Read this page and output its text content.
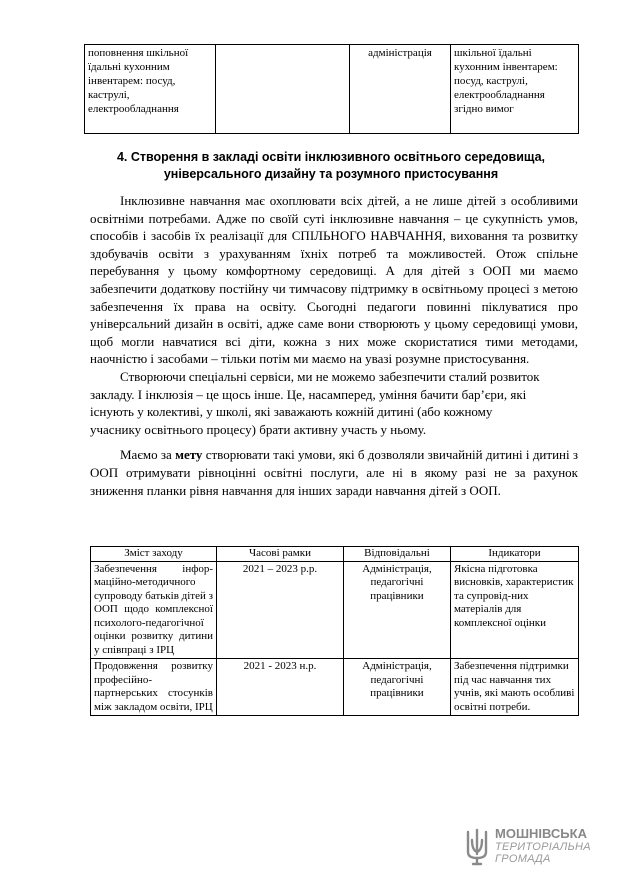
поповнення шкільної їдальні кухонним інвентарем: посуд, каструлі, електрообладнання		адміністрація	шкільної їдальні кухонним інвентарем: посуд, каструлі, електрообладнання згідно вимог
4. Створення в закладі освіти інклюзивного освітнього середовища, універсального дизайну та розумного пристосування

Інклюзивне навчання має охоплювати всіх дітей, а не лише дітей з особливими освітніми потребами. Адже по своїй суті інклюзивне навчання – це сукупність умов, способів і засобів їх реалізації для СПІЛЬНОГО НАВЧАННЯ, виховання та розвитку здобувачів освіти з урахуванням їхніх потреб та можливостей. Отож спільне перебування у цьому комфортному середовищі. А для дітей з ООП ми маємо забезпечити додаткову постійну чи тимчасову підтримку в освітньому процесі з метою забезпечення їх права на освіту. Сьогодні педагоги повинні піклуватися про універсальний дизайн в освіті, адже саме вони створюють у цьому середовищі умови, щоб могли навчатися всі діти, кожна з них може скористатися тими методами, наочністю і засобами – тільки потім ми маємо на увазі розумне пристосування.

Створюючи спеціальні сервіси, ми не можемо забезпечити сталий розвиток закладу. І інклюзія – це щось інше. Це, насамперед, уміння бачити бар’єри, які існують у колективі, у школі, які заважають кожній дитині (або кожному учаснику освітнього процесу) брати активну участь у ньому.

Маємо за мету створювати такі умови, які б дозволяли звичайній дитині і дитині з ООП отримувати рівноцінні освітні послуги, але ні в якому разі не за рахунок зниження планки рівня навчання для інших заради навчання дітей з ООП.

Зміст заходу	Часові рамки	Відповідальні	Індикатори
Забезпечення інфор-маційно-методичного супроводу батьків дітей з ООП щодо комплексної психолого-педагогічної оцінки розвитку дитини у співпраці з ІРЦ	2021 – 2023 р.р.	Адміністрація, педагогічні працівники	Якісна підготовка висновків, характеристик та супровід-них матеріалів для комплексної оцінки
Продовження розвитку професійно-партнерських стосунків між закладом освіти, ІРЦ	2021 - 2023 н.р.	Адміністрація, педагогічні працівники	Забезпечення підтримки під час навчання тих учнів, які мають особливі освітні потреби.
МОШНІВСЬКА
ТЕРИТОРІАЛЬНА ГРОМАДА
